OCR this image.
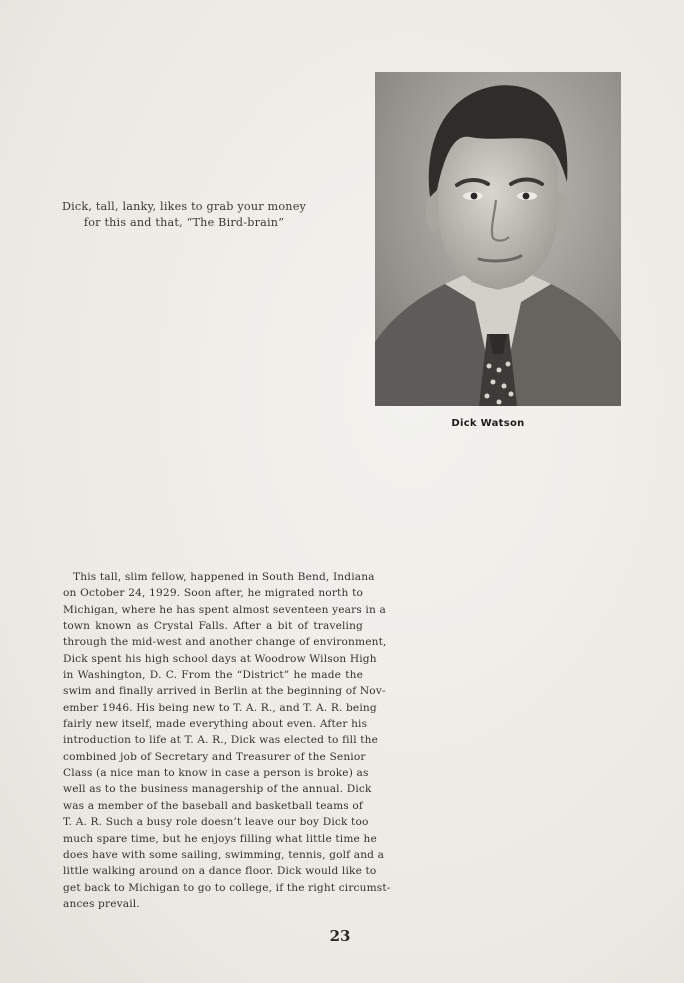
Dick, tall, lanky, likes to grab your money
for this and that, “The Bird-brain”
Dick Watson
This tall, slim fellow, happened in South Bend, Indiana
on October 24, 1929. Soon after, he migrated north to
Michigan, where he has spent almost seventeen years in a
town known as Crystal Falls. After a bit of traveling
through the mid-west and another change of environment,
Dick spent his high school days at Woodrow Wilson High
in Washington, D. C. From the “District” he made the
swim and finally arrived in Berlin at the beginning of Nov-
ember 1946. His being new to T. A. R., and T. A. R. being
fairly new itself, made everything about even. After his
introduction to life at T. A. R., Dick was elected to fill the
combined job of Secretary and Treasurer of the Senior
Class (a nice man to know in case a person is broke) as
well as to the business managership of the annual. Dick
was a member of the baseball and basketball teams of
T. A. R. Such a busy role doesn’t leave our boy Dick too
much spare time, but he enjoys filling what little time he
does have with some sailing, swimming, tennis, golf and a
little walking around on a dance floor. Dick would like to
get back to Michigan to go to college, if the right circumst-
ances prevail.
23
